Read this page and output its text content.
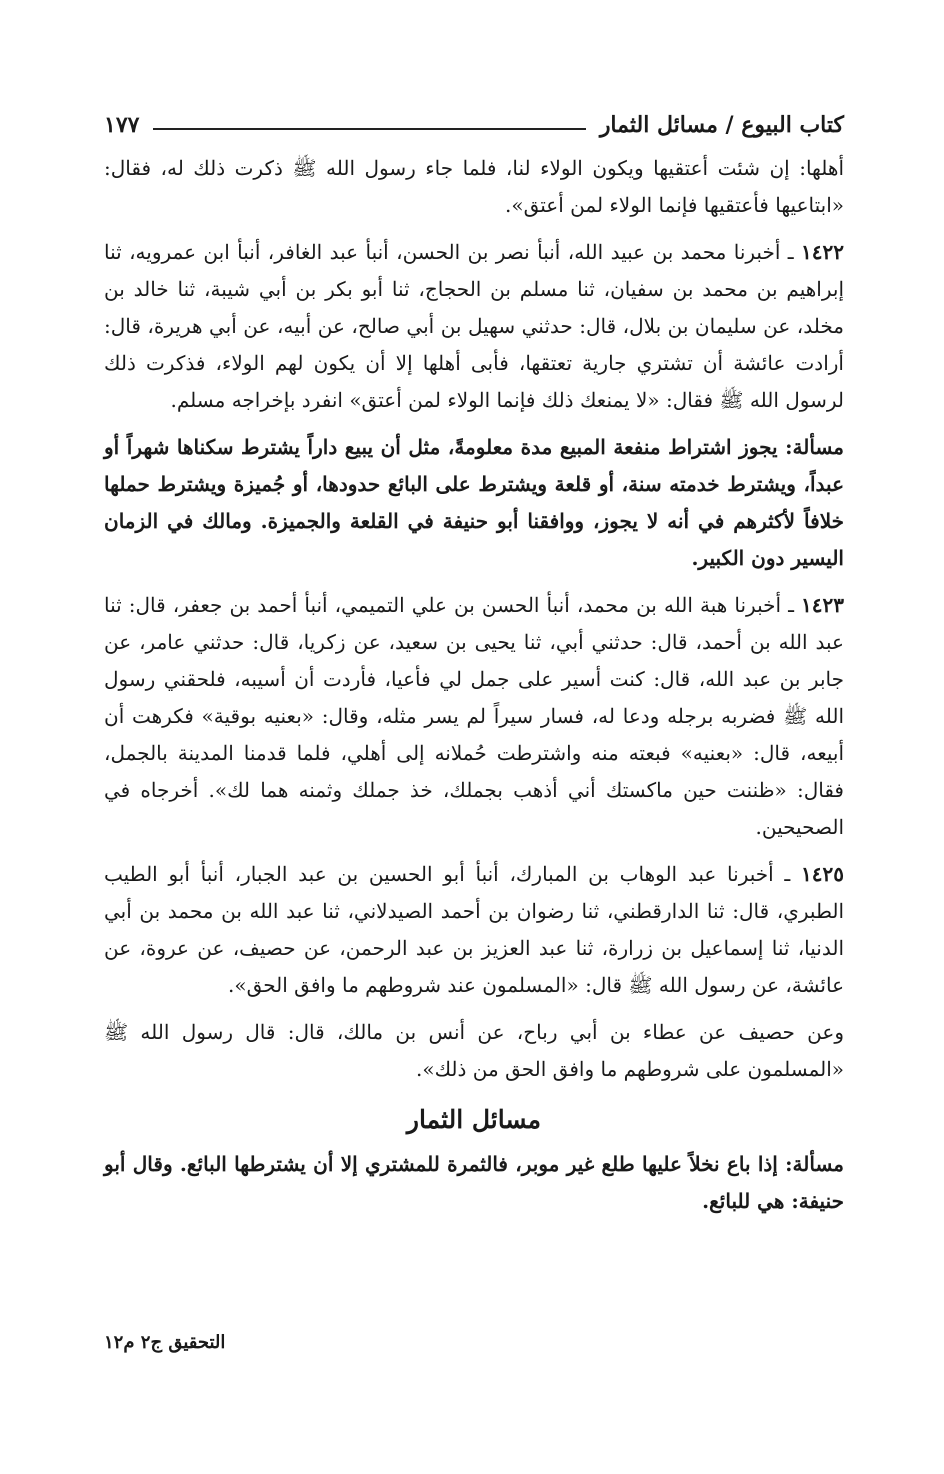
كتاب البيوع / مسائل الثمار
١٧٧

أهلها: إن شئت أعتقيها ويكون الولاء لنا، فلما جاء رسول الله ﷺ ذكرت ذلك له، فقال: «ابتاعيها فأعتقيها فإنما الولاء لمن أعتق».

١٤٢٢ ـ أخبرنا محمد بن عبيد الله، أنبأ نصر بن الحسن، أنبأ عبد الغافر، أنبأ ابن عمرويه، ثنا إبراهيم بن محمد بن سفيان، ثنا مسلم بن الحجاج، ثنا أبو بكر بن أبي شيبة، ثنا خالد بن مخلد، عن سليمان بن بلال، قال: حدثني سهيل بن أبي صالح، عن أبيه، عن أبي هريرة، قال: أرادت عائشة أن تشتري جارية تعتقها، فأبى أهلها إلا أن يكون لهم الولاء، فذكرت ذلك لرسول الله ﷺ فقال: «لا يمنعك ذلك فإنما الولاء لمن أعتق» انفرد بإخراجه مسلم.

مسألة: يجوز اشتراط منفعة المبيع مدة معلومةً، مثل أن يبيع داراً يشترط سكناها شهراً أو عبداً، ويشترط خدمته سنة، أو قلعة ويشترط على البائع حدودها، أو جُميزة ويشترط حملها خلافاً لأكثرهم في أنه لا يجوز، ووافقنا أبو حنيفة في القلعة والجميزة. ومالك في الزمان اليسير دون الكبير.

١٤٢٣ ـ أخبرنا هبة الله بن محمد، أنبأ الحسن بن علي التميمي، أنبأ أحمد بن جعفر، قال: ثنا عبد الله بن أحمد، قال: حدثني أبي، ثنا يحيى بن سعيد، عن زكريا، قال: حدثني عامر، عن جابر بن عبد الله، قال: كنت أسير على جمل لي فأعيا، فأردت أن أسيبه، فلحقني رسول الله ﷺ فضربه برجله ودعا له، فسار سيراً لم يسر مثله، وقال: «بعنيه بوقية» فكرهت أن أبيعه، قال: «بعنيه» فبعته منه واشترطت حُملانه إلى أهلي، فلما قدمنا المدينة بالجمل، فقال: «ظننت حين ماكستك أني أذهب بجملك، خذ جملك وثمنه هما لك». أخرجاه في الصحيحين.

١٤٢٥ ـ أخبرنا عبد الوهاب بن المبارك، أنبأ أبو الحسين بن عبد الجبار، أنبأ أبو الطيب الطبري، قال: ثنا الدارقطني، ثنا رضوان بن أحمد الصيدلاني، ثنا عبد الله بن محمد بن أبي الدنيا، ثنا إسماعيل بن زرارة، ثنا عبد العزيز بن عبد الرحمن، عن حصيف، عن عروة، عن عائشة، عن رسول الله ﷺ قال: «المسلمون عند شروطهم ما وافق الحق».

وعن حصيف عن عطاء بن أبي رباح، عن أنس بن مالك، قال: قال رسول الله ﷺ «المسلمون على شروطهم ما وافق الحق من ذلك».

مسائل الثمار

مسألة: إذا باع نخلاً عليها طلع غير موبر، فالثمرة للمشتري إلا أن يشترطها البائع. وقال أبو حنيفة: هي للبائع.

التحقيق ج٢ م١٢
